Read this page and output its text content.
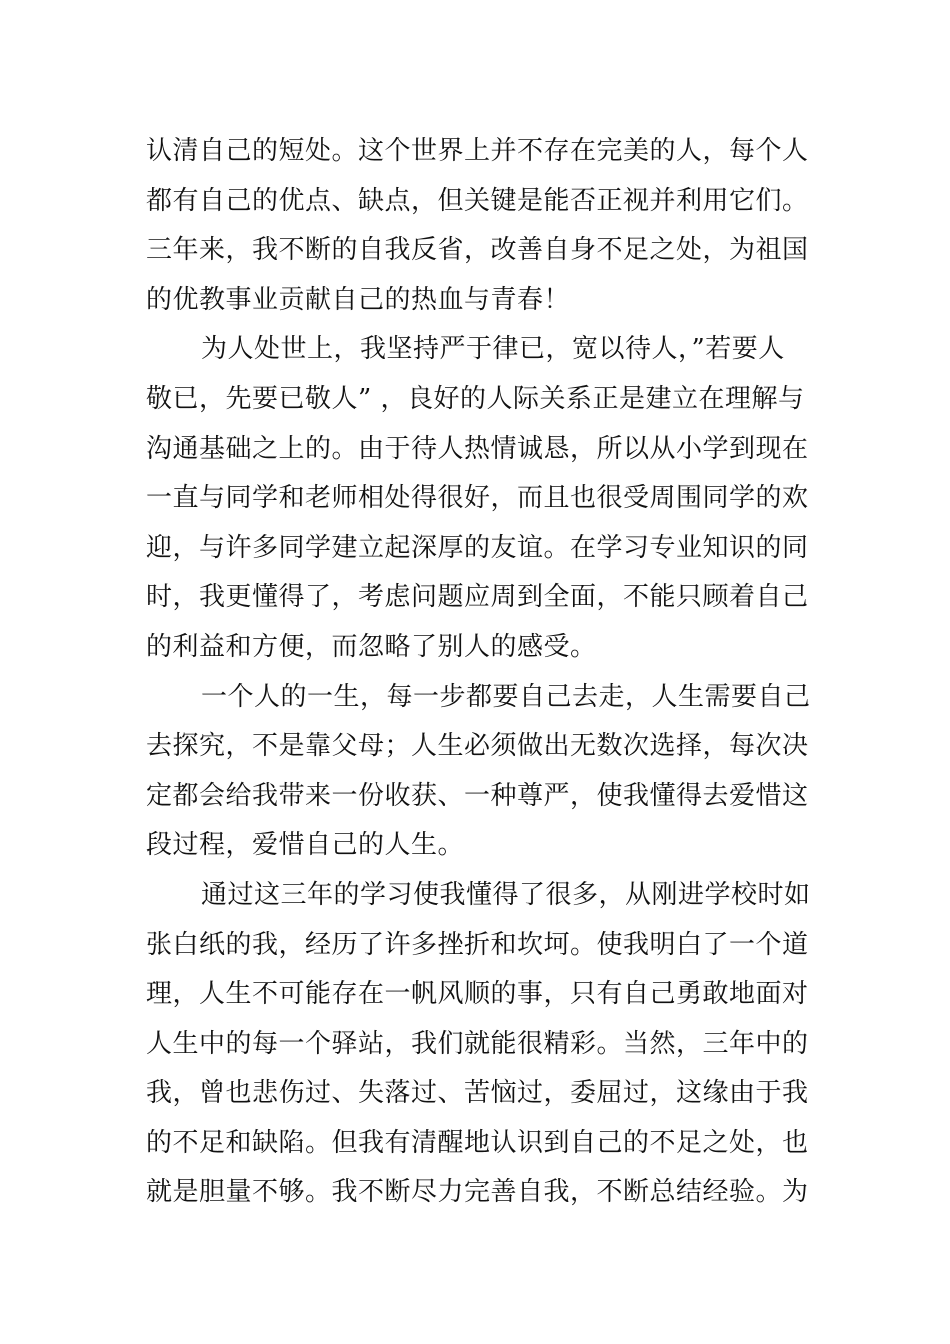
认清自己的短处。这个世界上并不存在完美的人，每个人
都有自己的优点、缺点，但关键是能否正视并利用它们。
三年来，我不断的自我反省，改善自身不足之处，为祖国
的优教事业贡献自己的热血与青春！
为人处世上，我坚持严于律已，宽以待人，”若要人
敬已，先要已敬人” ，良好的人际关系正是建立在理解与
沟通基础之上的。由于待人热情诚恳，所以从小学到现在
一直与同学和老师相处得很好，而且也很受周围同学的欢
迎，与许多同学建立起深厚的友谊。在学习专业知识的同
时，我更懂得了，考虑问题应周到全面，不能只顾着自己
的利益和方便，而忽略了别人的感受。
一个人的一生，每一步都要自己去走，人生需要自己
去探究，不是靠父母；人生必须做出无数次选择，每次决
定都会给我带来一份收获、一种尊严，使我懂得去爱惜这
段过程，爱惜自己的人生。
通过这三年的学习使我懂得了很多，从刚进学校时如
张白纸的我，经历了许多挫折和坎坷。使我明白了一个道
理，人生不可能存在一帆风顺的事，只有自己勇敢地面对
人生中的每一个驿站，我们就能很精彩。当然，三年中的
我，曾也悲伤过、失落过、苦恼过，委屈过，这缘由于我
的不足和缺陷。但我有清醒地认识到自己的不足之处，也
就是胆量不够。我不断尽力完善自我，不断总结经验。为
